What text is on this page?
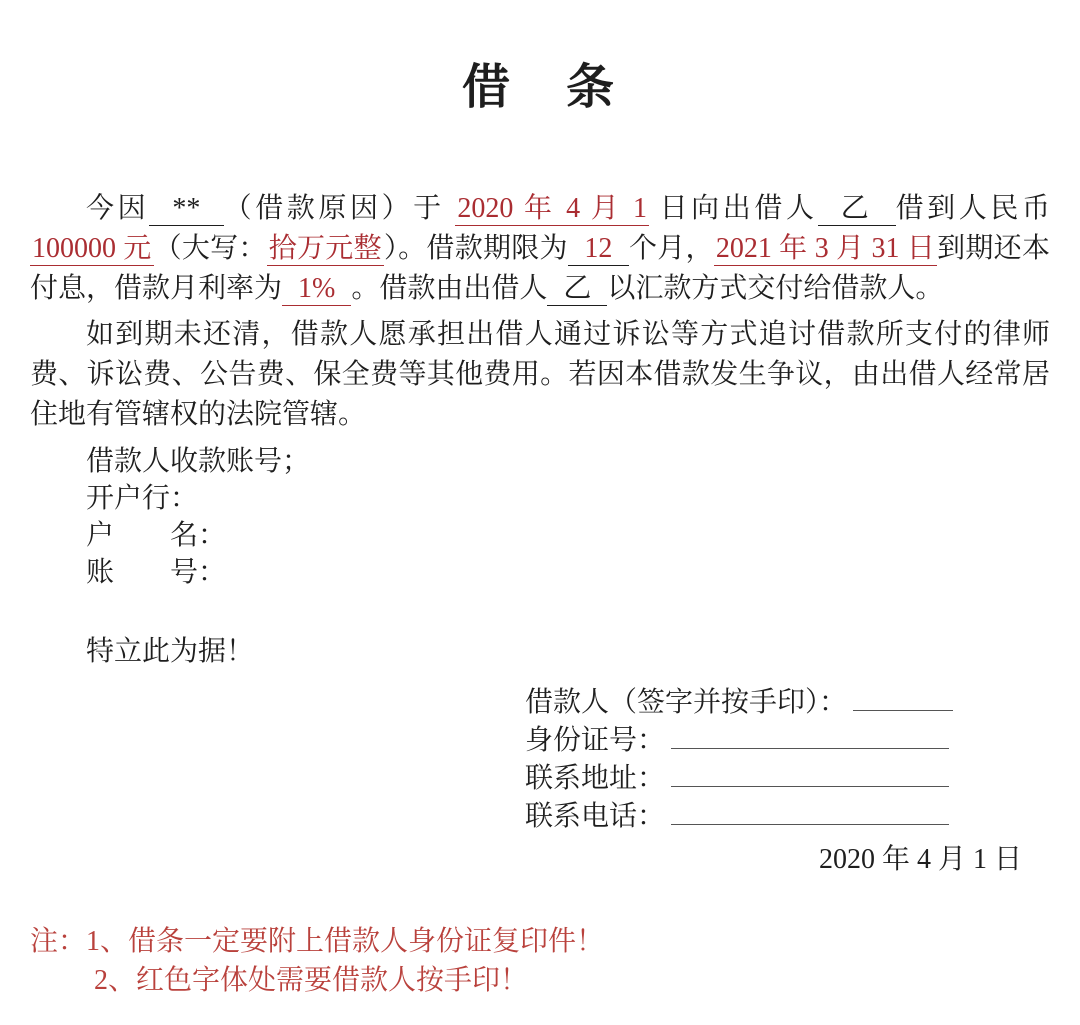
借　条

今因  **  （借款原因）于 2020 年 4 月 1 日向出借人  乙  借到人民币 100000 元（大写：拾万元整）。借款期限为  12  个月，2021 年 3 月 31 日到期还本付息，借款月利率为  1%  。借款由出借人  乙  以汇款方式交付给借款人。

如到期未还清，借款人愿承担出借人通过诉讼等方式追讨借款所支付的律师费、诉讼费、公告费、保全费等其他费用。若因本借款发生争议，由出借人经常居住地有管辖权的法院管辖。

借款人收款账号；
开户行：
户　　名：
账　　号：
特立此为据！
借款人（签字并按手印）：
身份证号：
联系地址：
联系电话：
2020 年 4 月 1 日
注：1、借条一定要附上借款人身份证复印件！
2、红色字体处需要借款人按手印！
